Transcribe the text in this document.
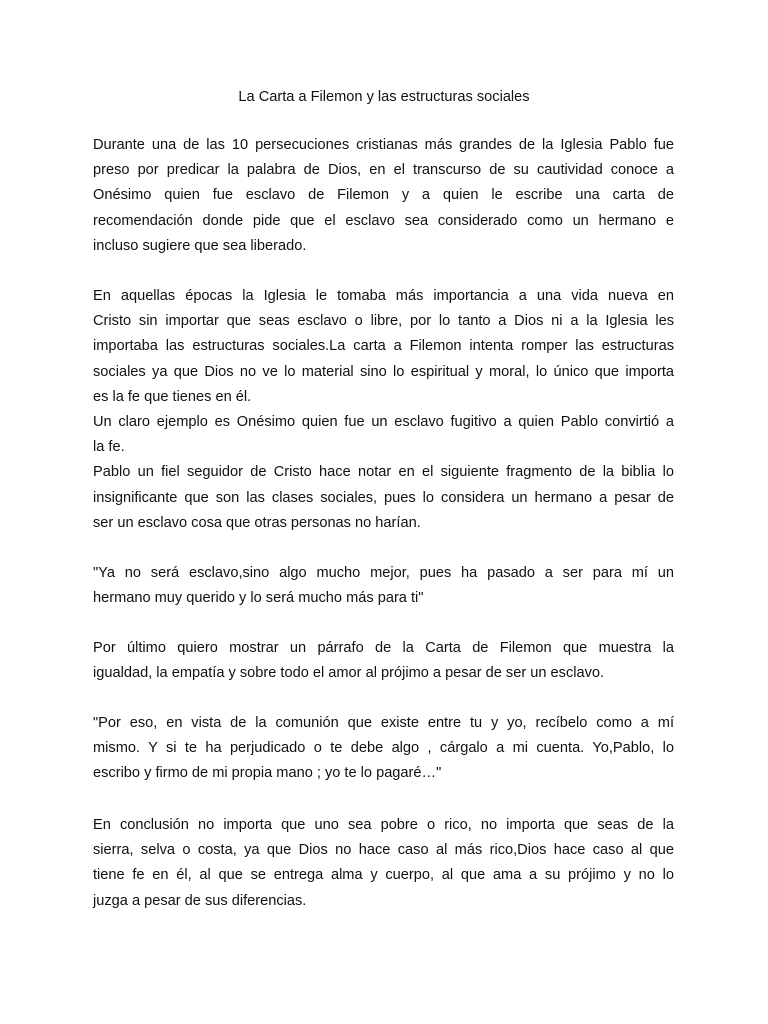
La Carta a Filemon y las estructuras sociales

Durante una de las 10 persecuciones cristianas más grandes de la Iglesia Pablo fue
preso por predicar la palabra de Dios, en el transcurso de su cautividad conoce a
Onésimo quien fue esclavo de Filemon y a quien le escribe una carta de
recomendación donde pide que el esclavo sea considerado como un hermano e
incluso sugiere que sea liberado.

En aquellas épocas la Iglesia le tomaba más importancia a una vida nueva en
Cristo sin importar que seas esclavo o libre, por lo tanto a Dios ni a la Iglesia les
importaba las estructuras sociales.La carta a Filemon intenta romper las estructuras
sociales ya que Dios no ve lo material sino lo espiritual y moral, lo único que importa
es la fe que tienes en él.
Un claro ejemplo es Onésimo quien fue un esclavo fugitivo a quien Pablo convirtió a
la fe.
Pablo un fiel seguidor de Cristo hace notar en el siguiente fragmento de la biblia lo
insignificante que son las clases sociales, pues lo considera un hermano a pesar de
ser un esclavo cosa que otras personas no harían.

"Ya no será esclavo,sino algo mucho mejor, pues ha pasado a ser para mí un
hermano muy querido y lo será mucho más para ti"

Por último quiero mostrar un párrafo de la Carta de Filemon que muestra la
igualdad, la empatía y sobre todo el amor al prójimo a pesar de ser un esclavo.

"Por eso, en vista de la comunión que existe entre tu y yo, recíbelo como a mí
mismo. Y si te ha perjudicado o te debe algo , cárgalo a mi cuenta. Yo,Pablo, lo
escribo y firmo de mi propia mano ; yo te lo pagaré…"

En conclusión no importa que uno sea pobre o rico, no importa que seas de la
sierra, selva o costa, ya que Dios no hace caso al más rico,Dios hace caso al que
tiene fe en él, al que se entrega alma y cuerpo, al que ama a su prójimo y no lo
juzga a pesar de sus diferencias.
